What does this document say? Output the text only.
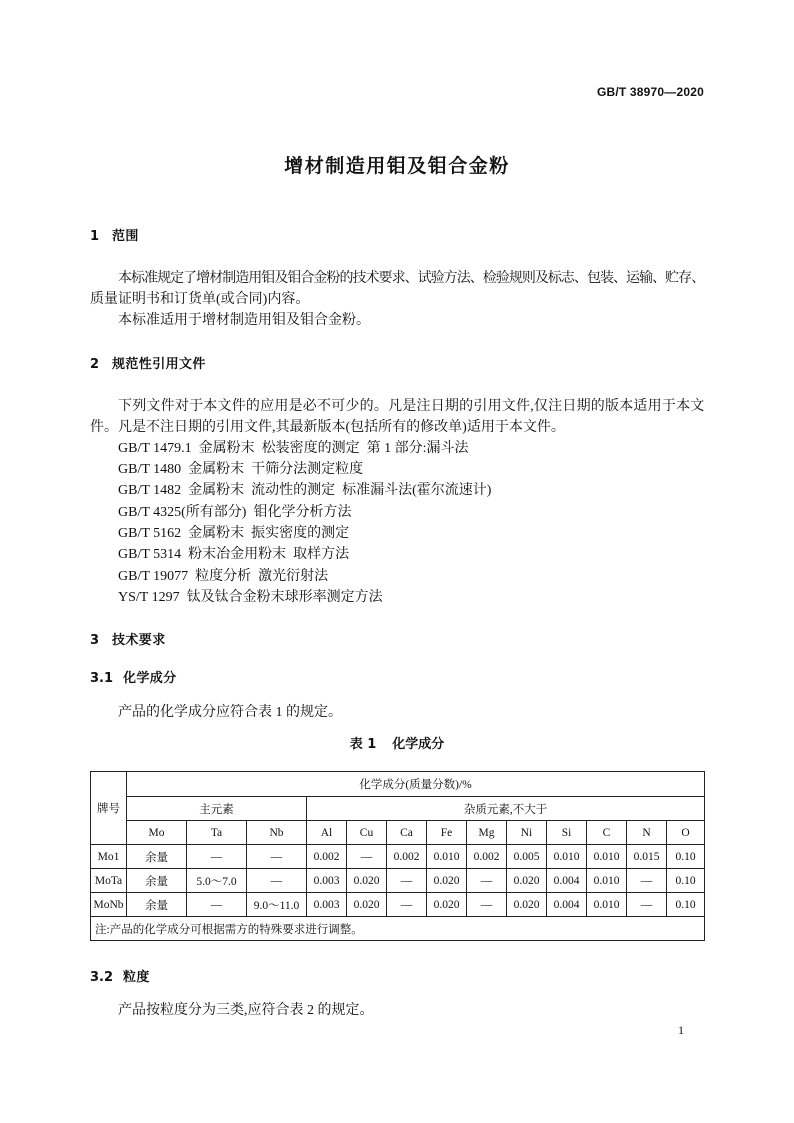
GB/T 38970—2020
增材制造用钼及钼合金粉
1 范围
本标准规定了增材制造用钼及钼合金粉的技术要求、试验方法、检验规则及标志、包装、运输、贮存、
质量证明书和订货单(或合同)内容。
本标准适用于增材制造用钼及钼合金粉。
2 规范性引用文件
下列文件对于本文件的应用是必不可少的。凡是注日期的引用文件,仅注日期的版本适用于本文
件。凡是不注日期的引用文件,其最新版本(包括所有的修改单)适用于本文件。
GB/T 1479.1  金属粉末  松装密度的测定  第 1 部分:漏斗法
GB/T 1480  金属粉末  干筛分法测定粒度
GB/T 1482  金属粉末  流动性的测定  标准漏斗法(霍尔流速计)
GB/T 4325(所有部分)  钼化学分析方法
GB/T 5162  金属粉末  振实密度的测定
GB/T 5314  粉末冶金用粉末  取样方法
GB/T 19077  粒度分析  激光衍射法
YS/T 1297  钛及钛合金粉末球形率测定方法
3 技术要求
3.1 化学成分
产品的化学成分应符合表 1 的规定。
表 1 化学成分
牌号	化学成分(质量分数)/%												
	主元素			杂质元素,不大于									
	Mo	Ta	Nb	Al	Cu	Ca	Fe	Mg	Ni	Si	C	N	O
Mo1	余量	—	—	0.002	—	0.002	0.010	0.002	0.005	0.010	0.010	0.015	0.10
MoTa	余量	5.0～7.0	—	0.003	0.020	—	0.020	—	0.020	0.004	0.010	—	0.10
MoNb	余量	—	9.0～11.0	0.003	0.020	—	0.020	—	0.020	0.004	0.010	—	0.10
注:产品的化学成分可根据需方的特殊要求进行调整。													
3.2 粒度
产品按粒度分为三类,应符合表 2 的规定。
1
